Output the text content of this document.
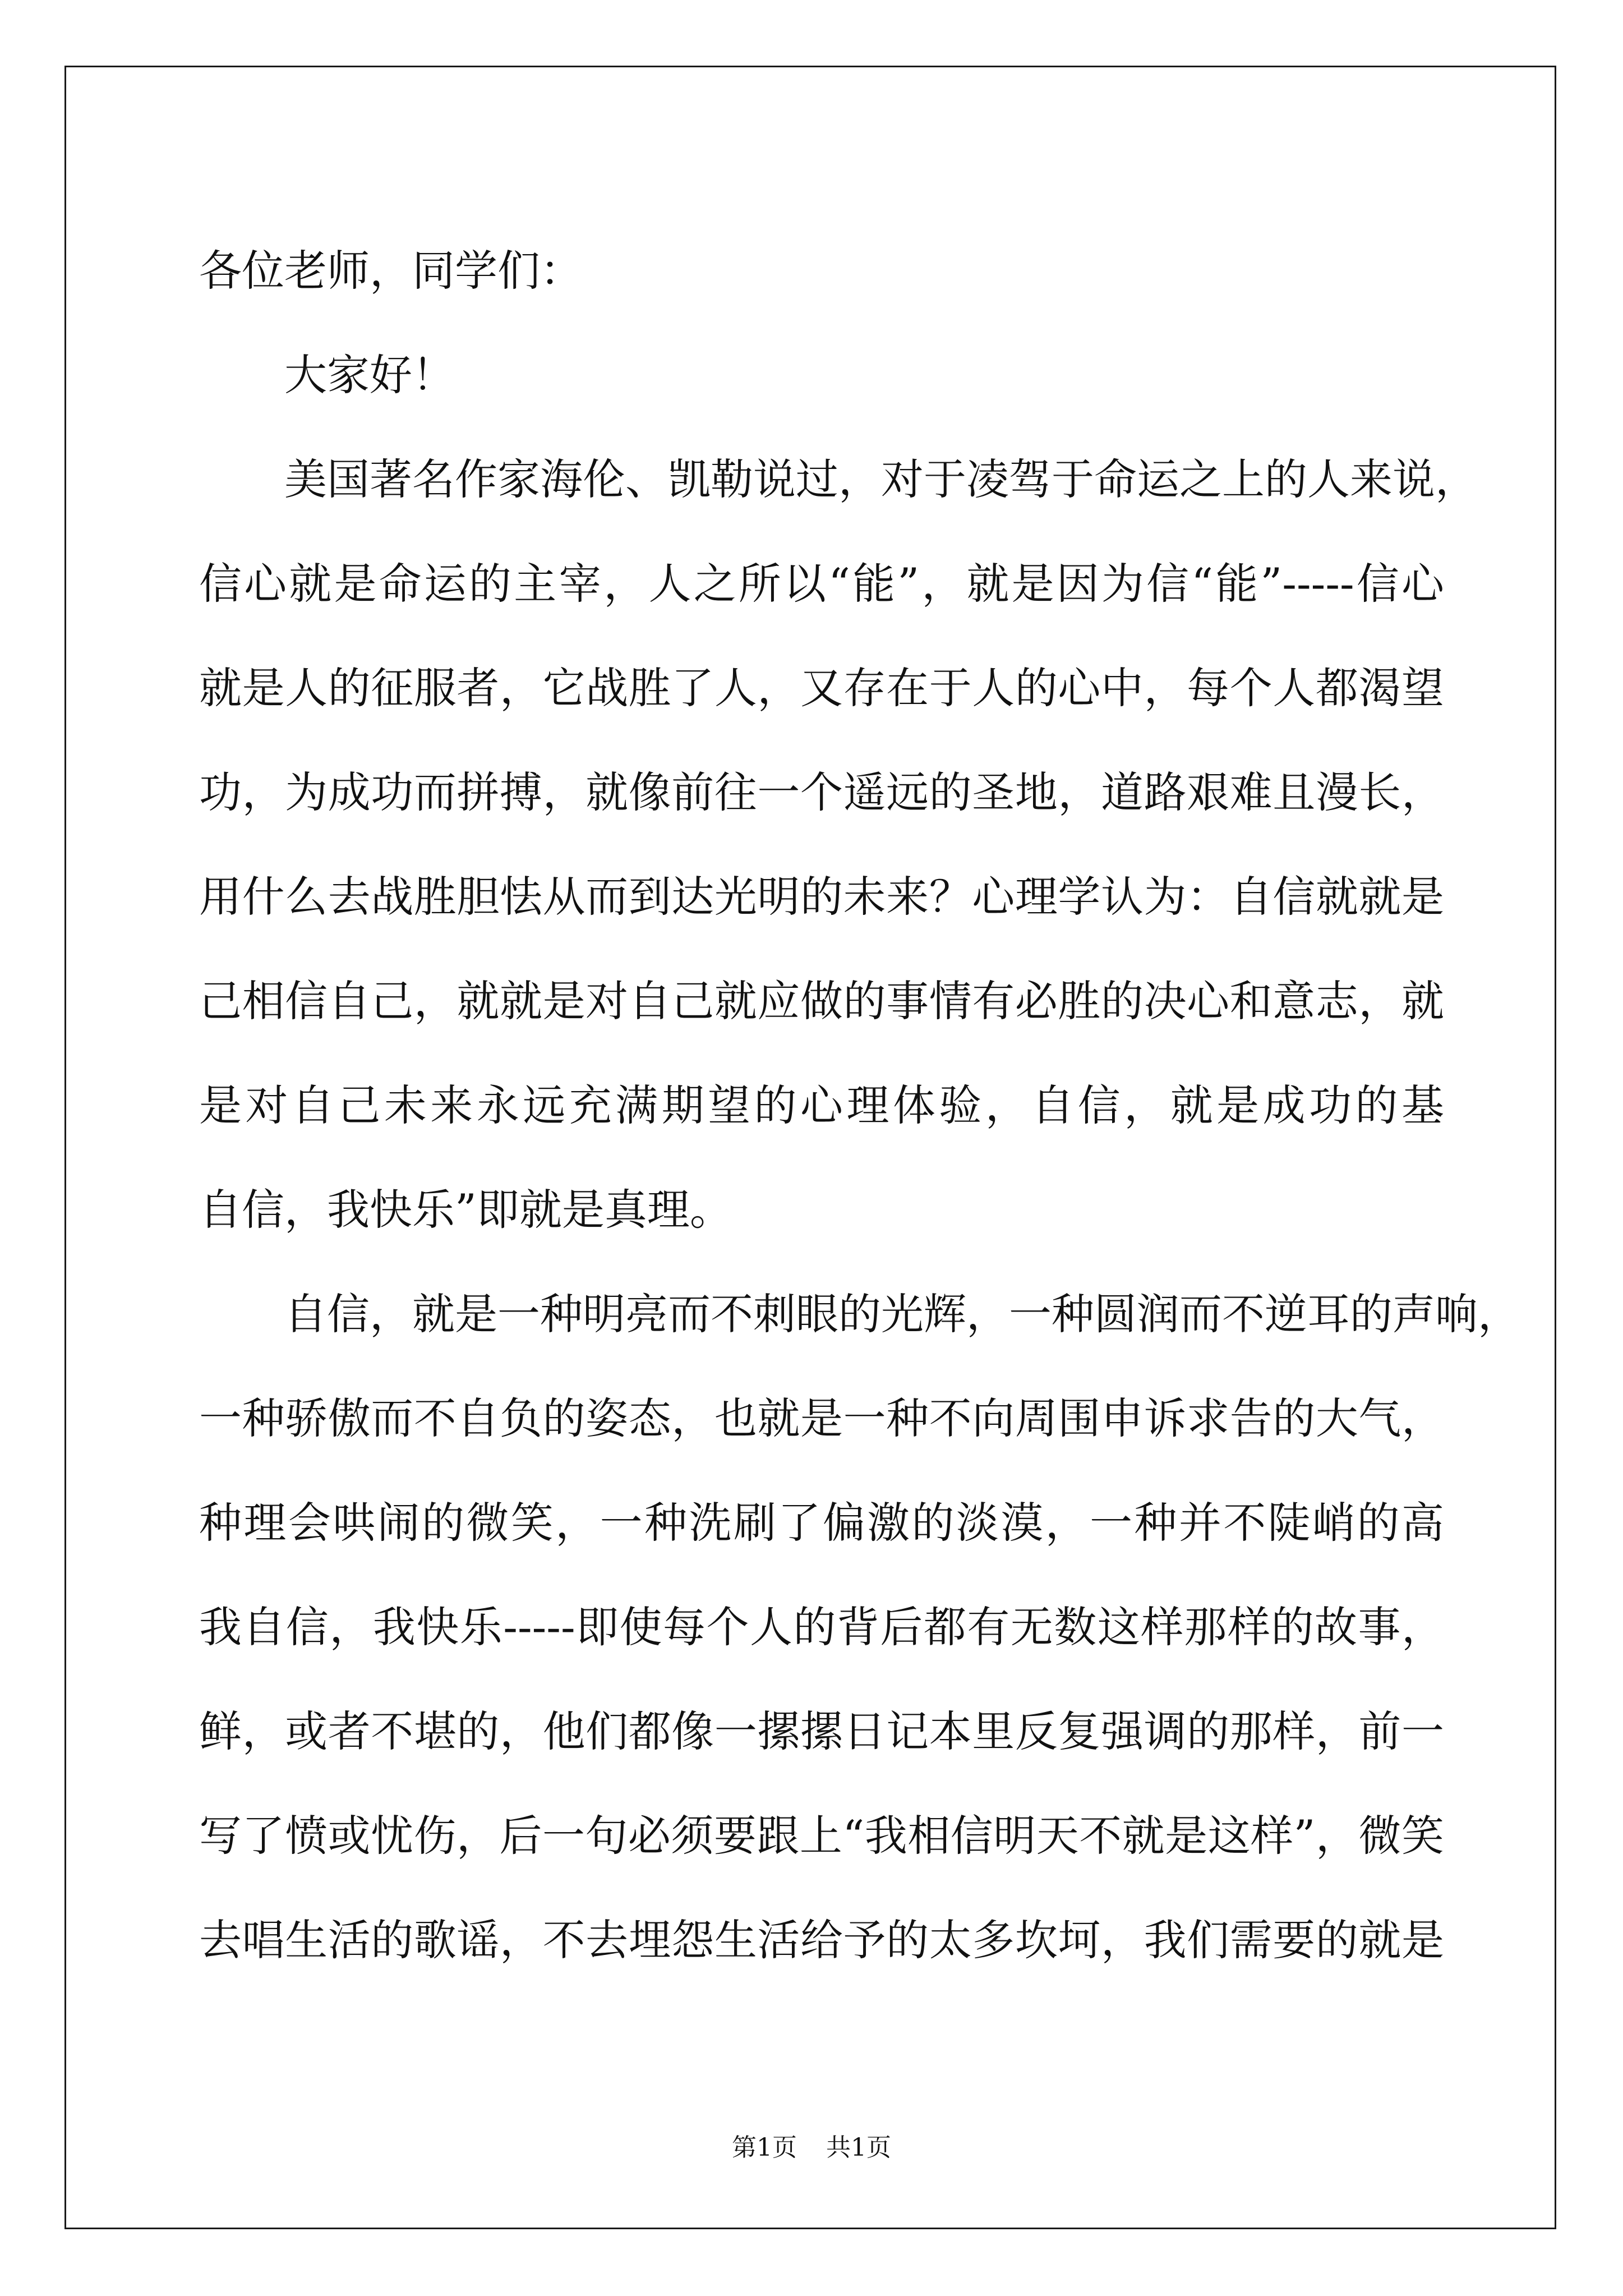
各位老师，同学们：
大家好！
美国著名作家海伦、凯勒说过，对于凌驾于命运之上的人来说，
信心就是命运的主宰，人之所以“能”，就是因为信“能”-----信心
就是人的征服者，它战胜了人，又存在于人的心中，每个人都渴望
功，为成功而拼搏，就像前往一个遥远的圣地，道路艰难且漫长，
用什么去战胜胆怯从而到达光明的未来？心理学认为：自信就就是
己相信自己，就就是对自己就应做的事情有必胜的决心和意志，就
是对自己未来永远充满期望的心理体验，自信，就是成功的基
自信，我快乐”即就是真理。
自信，就是一种明亮而不刺眼的光辉，一种圆润而不逆耳的声响，
一种骄傲而不自负的姿态，也就是一种不向周围申诉求告的大气，
种理会哄闹的微笑，一种洗刷了偏激的淡漠，一种并不陡峭的高
我自信，我快乐-----即使每个人的背后都有无数这样那样的故事，
鲜，或者不堪的，他们都像一摞摞日记本里反复强调的那样，前一
写了愤或忧伤，后一句必须要跟上“我相信明天不就是这样”，微笑
去唱生活的歌谣，不去埋怨生活给予的太多坎坷，我们需要的就是
第1页 共1页
